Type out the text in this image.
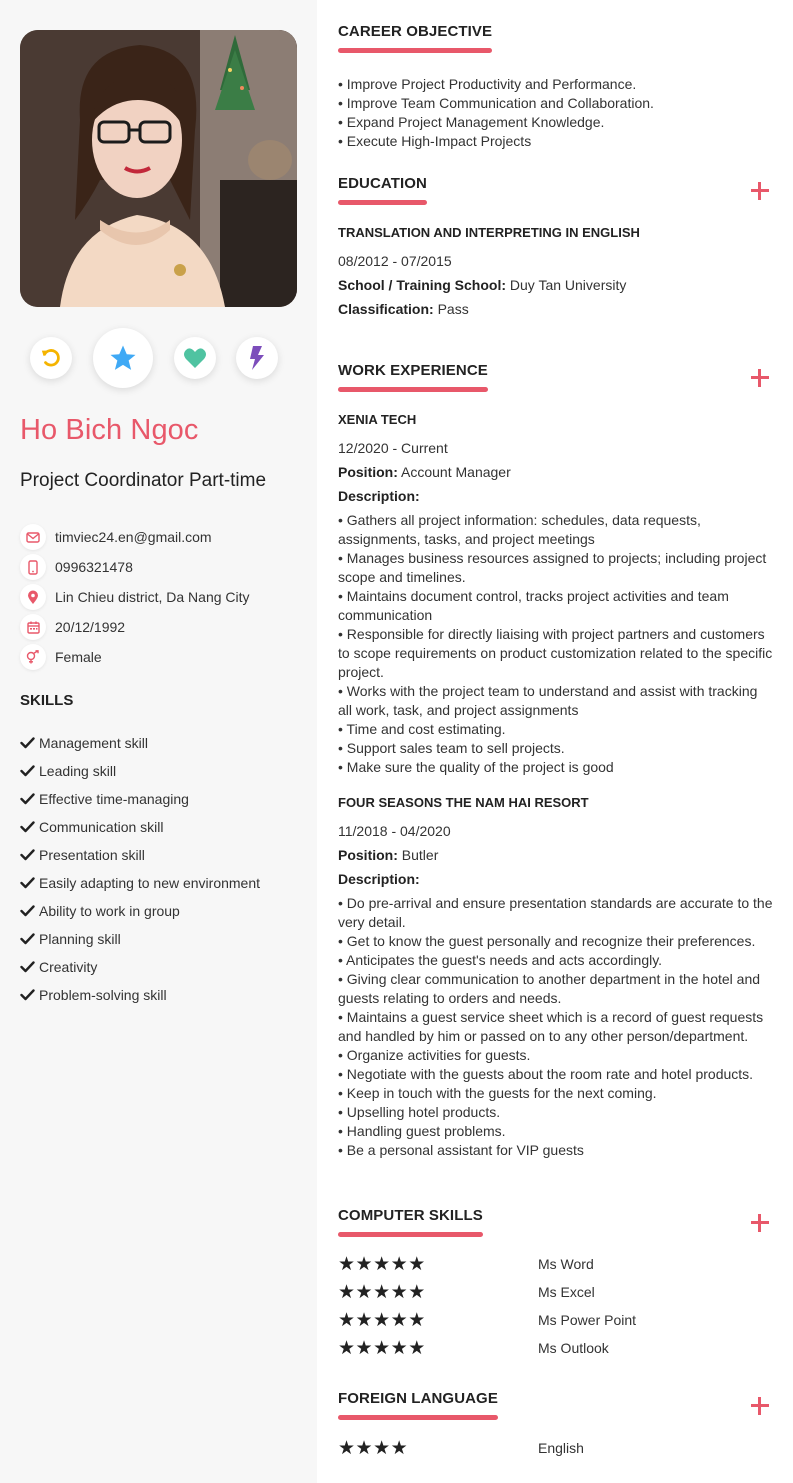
Ho Bich Ngoc
Project Coordinator Part-time
timviec24.en@gmail.com
0996321478
Lin Chieu district, Da Nang City
20/12/1992
Female
SKILLS
Management skill
Leading skill
Effective time-managing
Communication skill
Presentation skill
Easily adapting to new environment
Ability to work in group
Planning skill
Creativity
Problem-solving skill
CAREER OBJECTIVE
• Improve Project Productivity and Performance.
• Improve Team Communication and Collaboration.
• Expand Project Management Knowledge.
• Execute High-Impact Projects
EDUCATION
TRANSLATION AND INTERPRETING IN ENGLISH
08/2012 - 07/2015
School / Training School: Duy Tan University
Classification: Pass
WORK EXPERIENCE
XENIA TECH
12/2020 - Current
Position: Account Manager
Description:
• Gathers all project information: schedules, data requests, assignments, tasks, and project meetings
• Manages business resources assigned to projects; including project scope and timelines.
• Maintains document control, tracks project activities and team communication
• Responsible for directly liaising with project partners and customers to scope requirements on product customization related to the specific project.
• Works with the project team to understand and assist with tracking all work, task, and project assignments
• Time and cost estimating.
• Support sales team to sell projects.
• Make sure the quality of the project is good
FOUR SEASONS THE NAM HAI RESORT
11/2018 - 04/2020
Position: Butler
Description:
• Do pre-arrival and ensure presentation standards are accurate to the very detail.
• Get to know the guest personally and recognize their preferences.
• Anticipates the guest's needs and acts accordingly.
• Giving clear communication to another department in the hotel and guests relating to orders and needs.
• Maintains a guest service sheet which is a record of guest requests and handled by him or passed on to any other person/department.
• Organize activities for guests.
• Negotiate with the guests about the room rate and hotel products.
• Keep in touch with the guests for the next coming.
• Upselling hotel products.
• Handling guest problems.
• Be a personal assistant for VIP guests
COMPUTER SKILLS
★ ★ ★ ★ ★	Ms Word
★ ★ ★ ★ ★	Ms Excel
★ ★ ★ ★ ★	Ms Power Point
★ ★ ★ ★ ★	Ms Outlook
FOREIGN LANGUAGE
★ ★ ★ ★	English
